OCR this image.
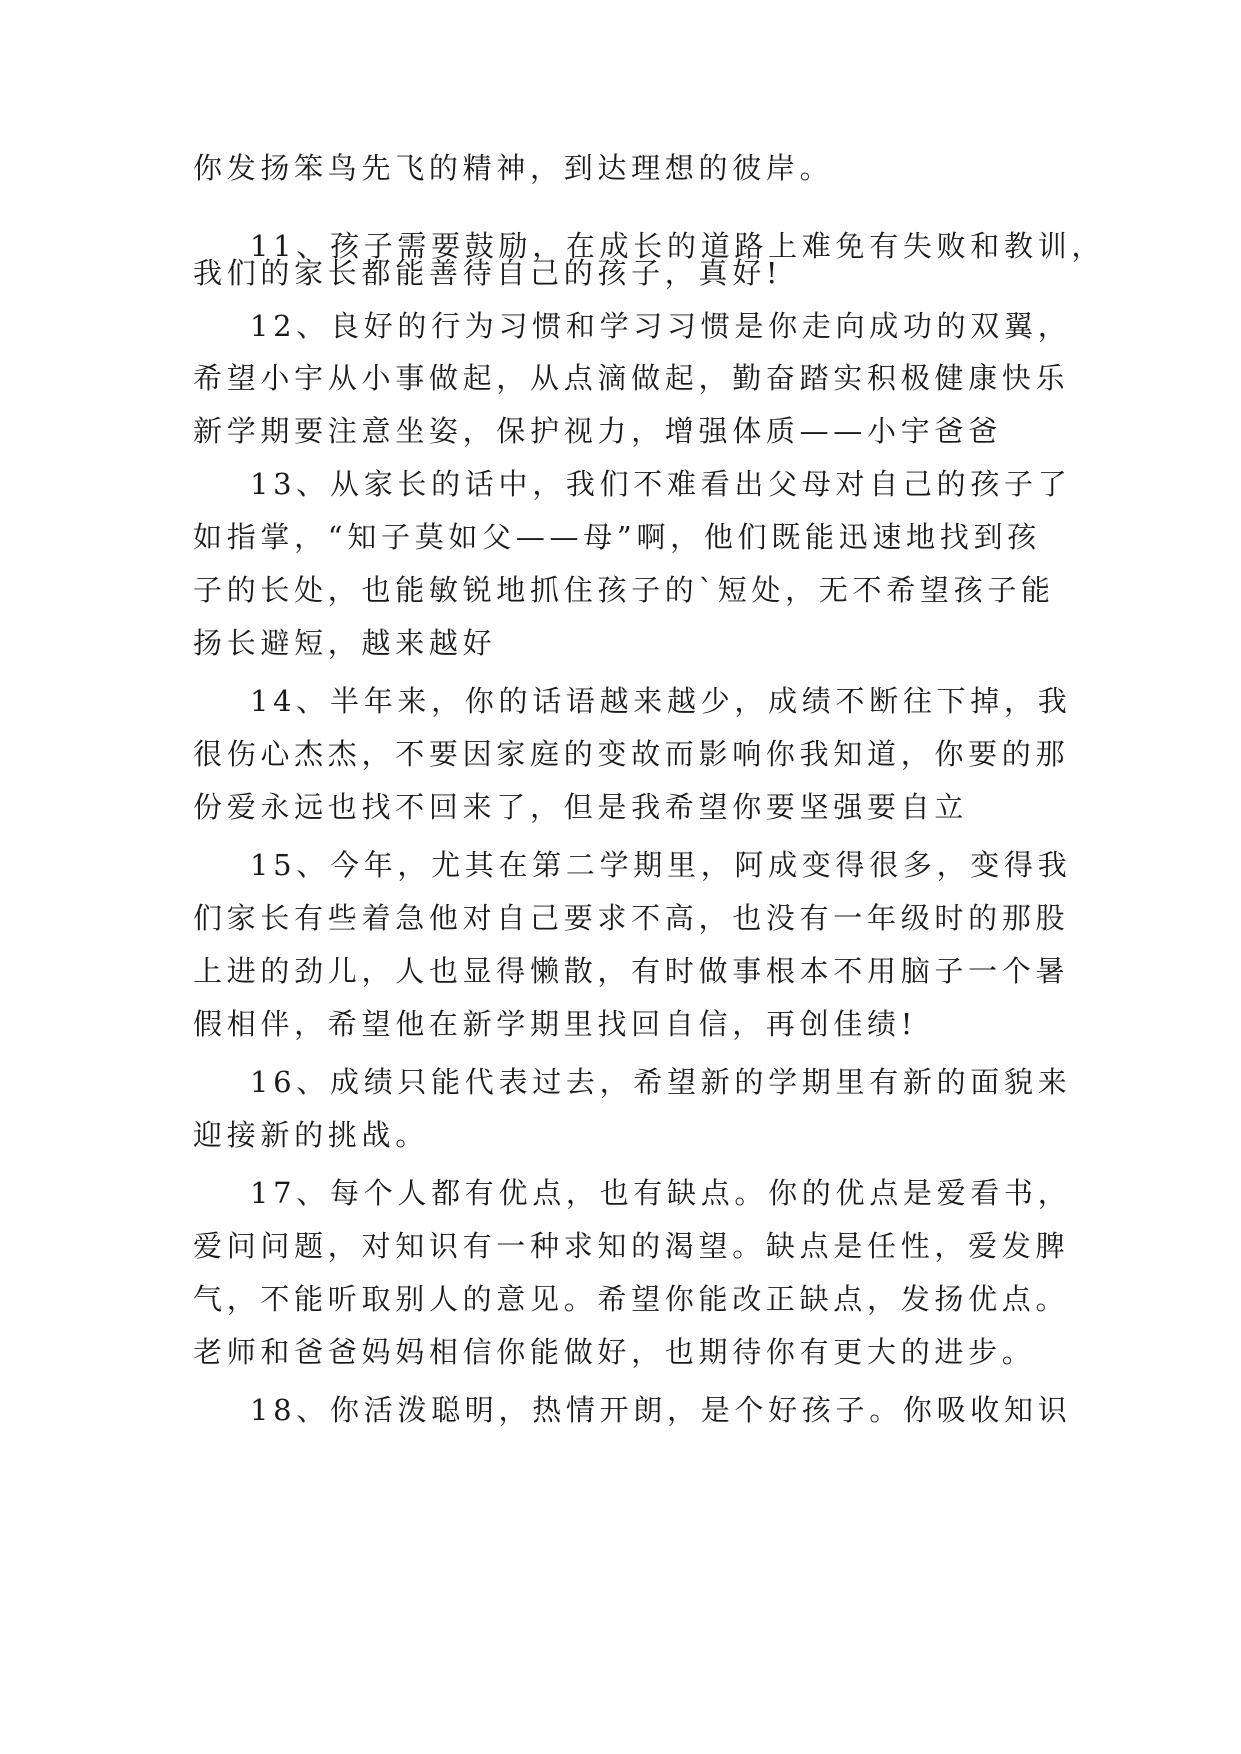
你发扬笨鸟先飞的精神，到达理想的彼岸。
11、孩子需要鼓励，在成长的道路上难免有失败和教训，
我们的家长都能善待自己的孩子，真好!
12、良好的行为习惯和学习习惯是你走向成功的双翼，
希望小宇从小事做起，从点滴做起，勤奋踏实积极健康快乐
新学期要注意坐姿，保护视力，增强体质——小宇爸爸
13、从家长的话中，我们不难看出父母对自己的孩子了
如指掌，“知子莫如父——母”啊，他们既能迅速地找到孩
子的长处，也能敏锐地抓住孩子的`短处，无不希望孩子能
扬长避短，越来越好
14、半年来，你的话语越来越少，成绩不断往下掉，我
很伤心杰杰，不要因家庭的变故而影响你我知道，你要的那
份爱永远也找不回来了，但是我希望你要坚强要自立
15、今年，尤其在第二学期里，阿成变得很多，变得我
们家长有些着急他对自己要求不高，也没有一年级时的那股
上进的劲儿，人也显得懒散，有时做事根本不用脑子一个暑
假相伴，希望他在新学期里找回自信，再创佳绩!
16、成绩只能代表过去，希望新的学期里有新的面貌来
迎接新的挑战。
17、每个人都有优点，也有缺点。你的优点是爱看书，
爱问问题，对知识有一种求知的渴望。缺点是任性，爱发脾
气，不能听取别人的意见。希望你能改正缺点，发扬优点。
老师和爸爸妈妈相信你能做好，也期待你有更大的进步。
18、你活泼聪明，热情开朗，是个好孩子。你吸收知识
